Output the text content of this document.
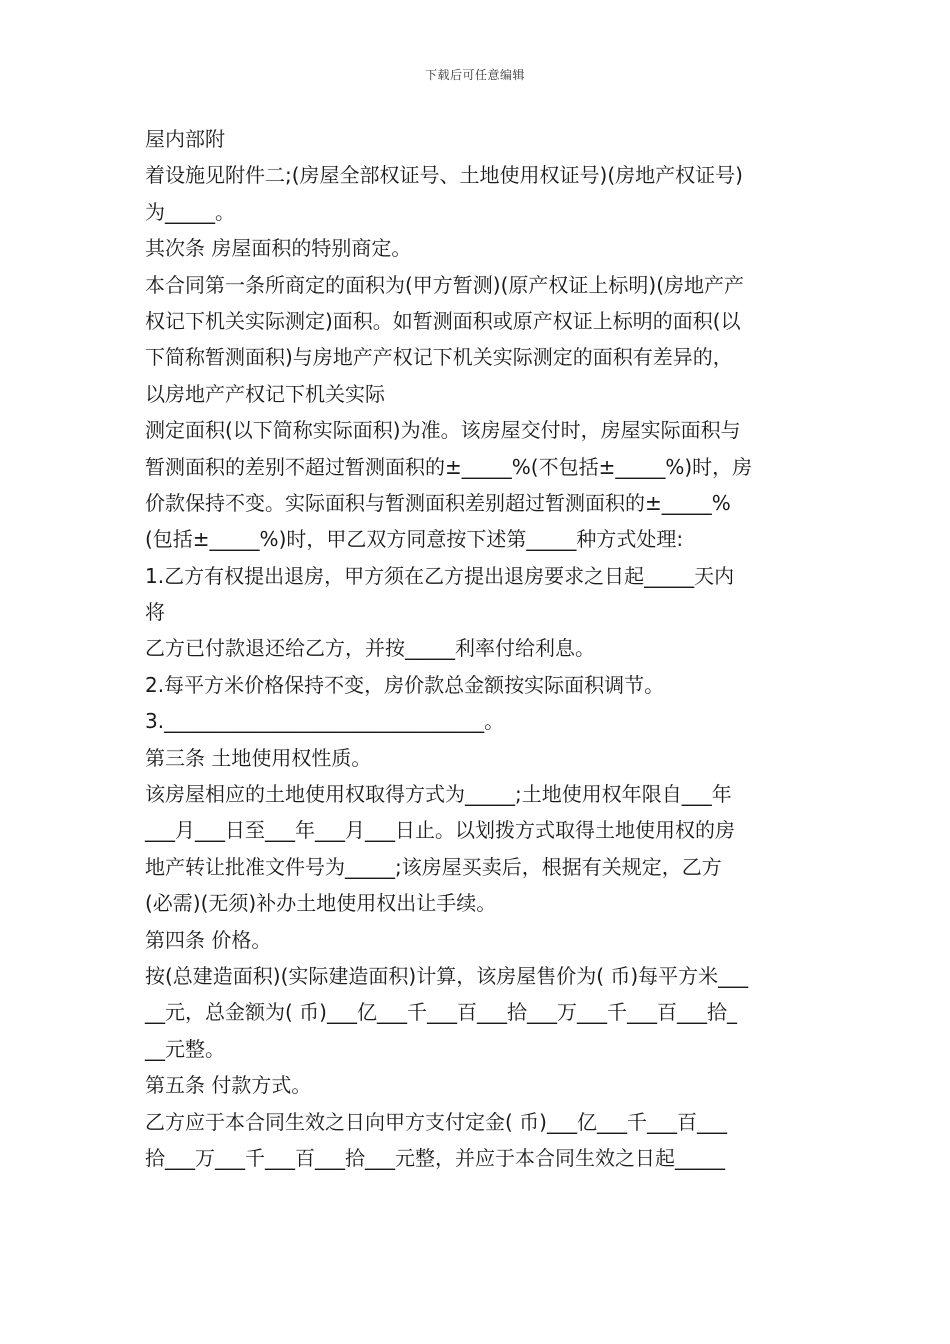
下载后可任意编辑
屋内部附
着设施见附件二;(房屋全部权证号、土地使用权证号)(房地产权证号)
为_____。
其次条 房屋面积的特别商定。
本合同第一条所商定的面积为(甲方暂测)(原产权证上标明)(房地产产
权记下机关实际测定)面积。如暂测面积或原产权证上标明的面积(以
下简称暂测面积)与房地产产权记下机关实际测定的面积有差异的，
以房地产产权记下机关实际
测定面积(以下简称实际面积)为准。该房屋交付时，房屋实际面积与
暂测面积的差别不超过暂测面积的±_____%(不包括±_____%)时，房
价款保持不变。实际面积与暂测面积差别超过暂测面积的±_____%
(包括±_____%)时，甲乙双方同意按下述第_____种方式处理:
1.乙方有权提出退房，甲方须在乙方提出退房要求之日起_____天内
将
乙方已付款退还给乙方，并按_____利率付给利息。
2.每平方米价格保持不变，房价款总金额按实际面积调节。
3.________________________________。
第三条 土地使用权性质。
该房屋相应的土地使用权取得方式为_____;土地使用权年限自___年
___月___日至___年___月___日止。以划拨方式取得土地使用权的房
地产转让批准文件号为_____;该房屋买卖后，根据有关规定，乙方
(必需)(无须)补办土地使用权出让手续。
第四条 价格。
按(总建造面积)(实际建造面积)计算，该房屋售价为( 币)每平方米___
__元，总金额为( 币)___亿___千___百___拾___万___千___百___拾_
__元整。
第五条 付款方式。
乙方应于本合同生效之日向甲方支付定金( 币)___亿___千___百___
拾___万___千___百___拾___元整，并应于本合同生效之日起_____
